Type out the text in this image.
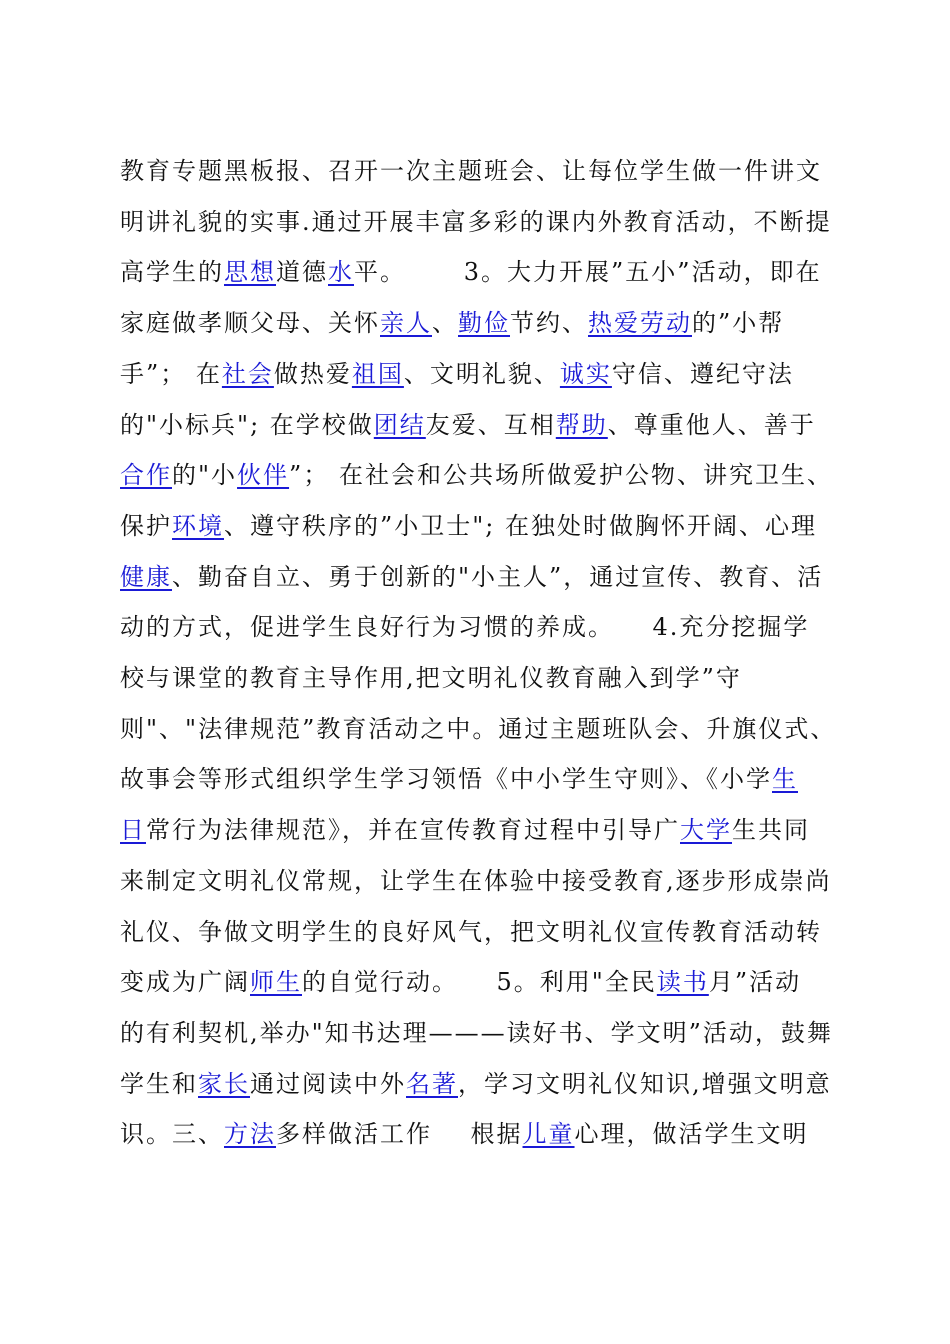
教育专题黑板报、召开一次主题班会、让每位学生做一件讲文
明讲礼貌的实事.通过开展丰富多彩的课内外教育活动，不断提
高学生的思想道德水平。      3。大力开展”五小”活动，即在
家庭做孝顺父母、关怀亲人、勤俭节约、热爱劳动的”小帮
手”； 在社会做热爱祖国、文明礼貌、诚实守信、遵纪守法
的"小标兵"; 在学校做团结友爱、互相帮助、尊重他人、善于
合作的"小伙伴”； 在社会和公共场所做爱护公物、讲究卫生、
保护环境、遵守秩序的”小卫士"; 在独处时做胸怀开阔、心理
健康、勤奋自立、勇于创新的"小主人”，通过宣传、教育、活
动的方式，促进学生良好行为习惯的养成。    4.充分挖掘学
校与课堂的教育主导作用,把文明礼仪教育融入到学”守
则"、"法律规范”教育活动之中。通过主题班队会、升旗仪式、
故事会等形式组织学生学习领悟《中小学生守则》、《小学生
日常行为法律规范》，并在宣传教育过程中引导广大学生共同
来制定文明礼仪常规，让学生在体验中接受教育,逐步形成崇尚
礼仪、争做文明学生的良好风气，把文明礼仪宣传教育活动转
变成为广阔师生的自觉行动。    5。利用"全民读书月”活动
的有利契机,举办"知书达理———读好书、学文明”活动，鼓舞
学生和家长通过阅读中外名著，学习文明礼仪知识,增强文明意
识。三、方法多样做活工作    根据儿童心理，做活学生文明
